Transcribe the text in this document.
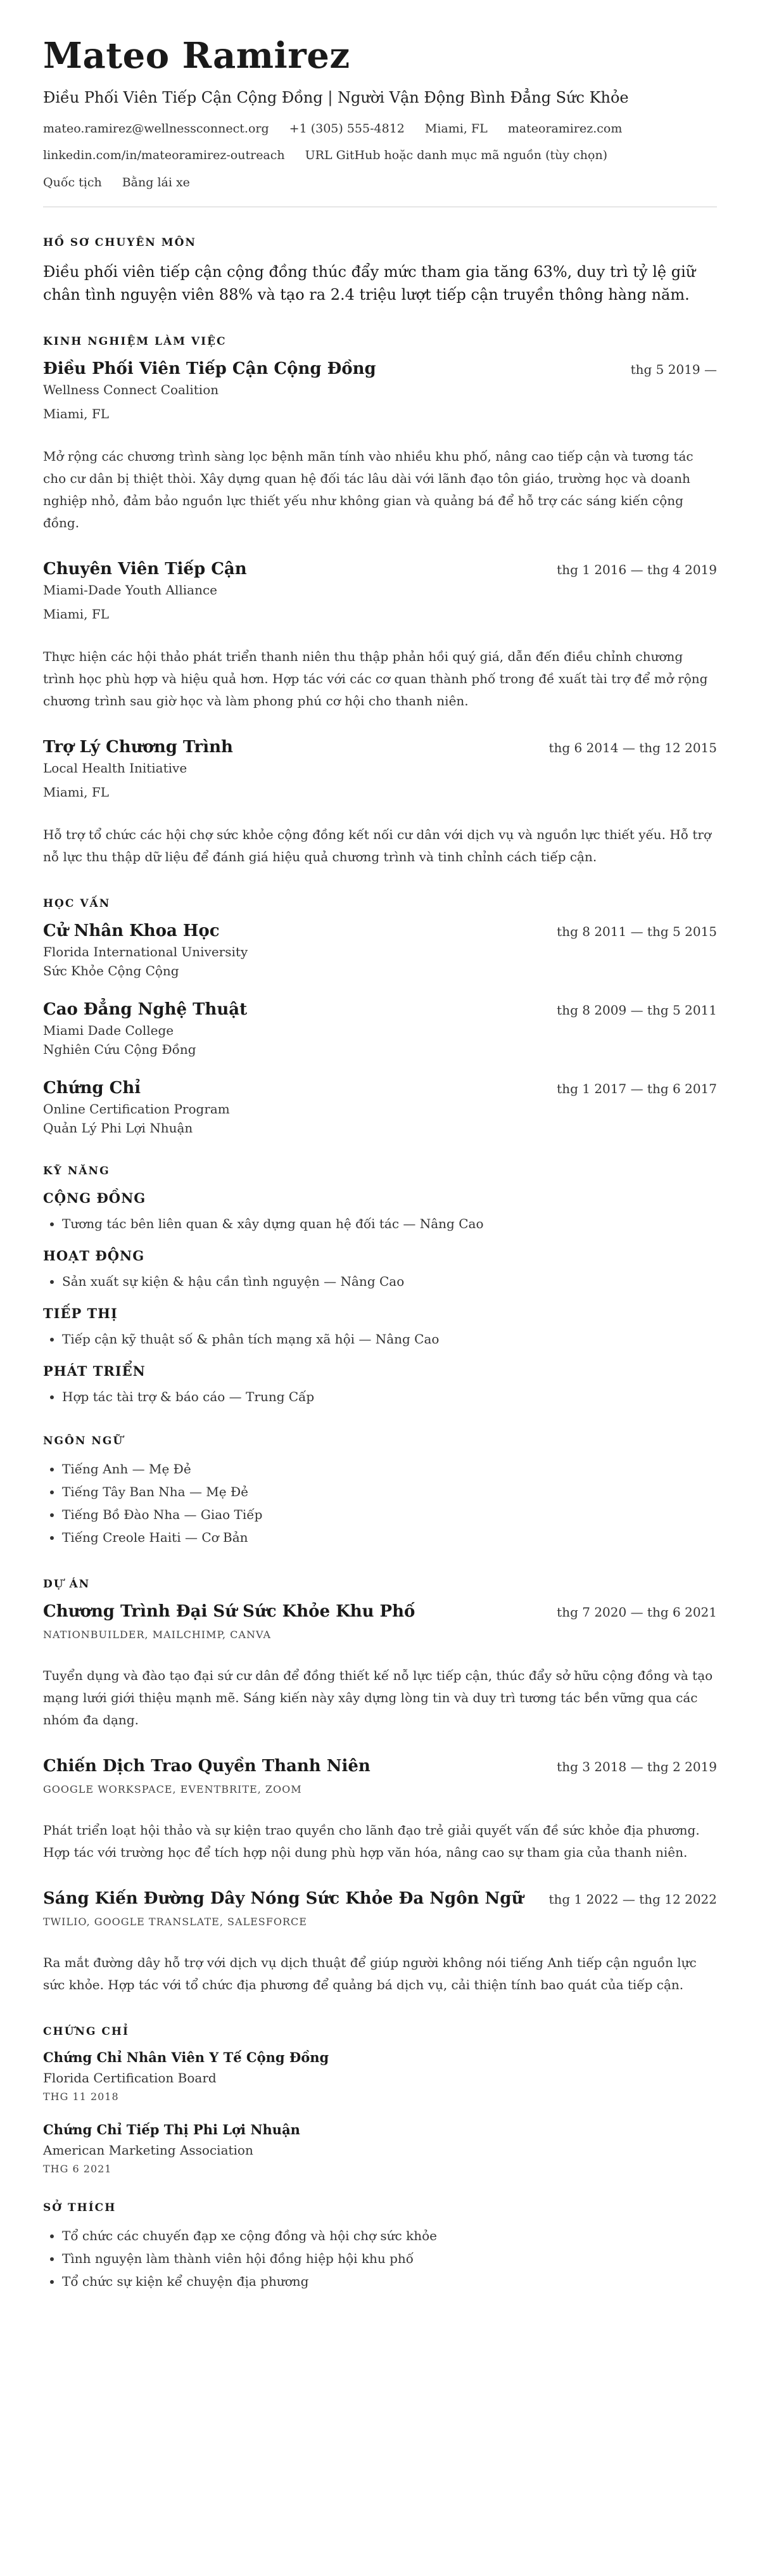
Mateo Ramirez
Điều Phối Viên Tiếp Cận Cộng Đồng | Người Vận Động Bình Đẳng Sức Khỏe
mateo.ramirez@wellnessconnect.org +1 (305) 555-4812 Miami, FL mateoramirez.com
linkedin.com/in/mateoramirez-outreach URL GitHub hoặc danh mục mã nguồn (tùy chọn)
Quốc tịch Bằng lái xe
HỒ SƠ CHUYÊN MÔN
Điều phối viên tiếp cận cộng đồng thúc đẩy mức tham gia tăng 63%, duy trì tỷ lệ giữ chân tình nguyện viên 88% và tạo ra 2.4 triệu lượt tiếp cận truyền thông hàng năm.
KINH NGHIỆM LÀM VIỆC
Điều Phối Viên Tiếp Cận Cộng Đồng	thg 5 2019 —
Wellness Connect Coalition
Miami, FL
Mở rộng các chương trình sàng lọc bệnh mãn tính vào nhiều khu phố, nâng cao tiếp cận và tương tác cho cư dân bị thiệt thòi. Xây dựng quan hệ đối tác lâu dài với lãnh đạo tôn giáo, trường học và doanh nghiệp nhỏ, đảm bảo nguồn lực thiết yếu như không gian và quảng bá để hỗ trợ các sáng kiến cộng đồng.
Chuyên Viên Tiếp Cận	thg 1 2016 — thg 4 2019
Miami-Dade Youth Alliance
Miami, FL
Thực hiện các hội thảo phát triển thanh niên thu thập phản hồi quý giá, dẫn đến điều chỉnh chương trình học phù hợp và hiệu quả hơn. Hợp tác với các cơ quan thành phố trong đề xuất tài trợ để mở rộng chương trình sau giờ học và làm phong phú cơ hội cho thanh niên.
Trợ Lý Chương Trình	thg 6 2014 — thg 12 2015
Local Health Initiative
Miami, FL
Hỗ trợ tổ chức các hội chợ sức khỏe cộng đồng kết nối cư dân với dịch vụ và nguồn lực thiết yếu. Hỗ trợ nỗ lực thu thập dữ liệu để đánh giá hiệu quả chương trình và tinh chỉnh cách tiếp cận.
HỌC VẤN
Cử Nhân Khoa Học	thg 8 2011 — thg 5 2015
Florida International University
Sức Khỏe Cộng Cộng
Cao Đẳng Nghệ Thuật	thg 8 2009 — thg 5 2011
Miami Dade College
Nghiên Cứu Cộng Đồng
Chứng Chỉ	thg 1 2017 — thg 6 2017
Online Certification Program
Quản Lý Phi Lợi Nhuận
KỸ NĂNG
CỘNG ĐỒNG
• Tương tác bên liên quan & xây dựng quan hệ đối tác — Nâng Cao
HOẠT ĐỘNG
• Sản xuất sự kiện & hậu cần tình nguyện — Nâng Cao
TIẾP THỊ
• Tiếp cận kỹ thuật số & phân tích mạng xã hội — Nâng Cao
PHÁT TRIỂN
• Hợp tác tài trợ & báo cáo — Trung Cấp
NGÔN NGỮ
• Tiếng Anh — Mẹ Đẻ
• Tiếng Tây Ban Nha — Mẹ Đẻ
• Tiếng Bồ Đào Nha — Giao Tiếp
• Tiếng Creole Haiti — Cơ Bản
DỰ ÁN
Chương Trình Đại Sứ Sức Khỏe Khu Phố	thg 7 2020 — thg 6 2021
NATIONBUILDER, MAILCHIMP, CANVA
Tuyển dụng và đào tạo đại sứ cư dân để đồng thiết kế nỗ lực tiếp cận, thúc đẩy sở hữu cộng đồng và tạo mạng lưới giới thiệu mạnh mẽ. Sáng kiến này xây dựng lòng tin và duy trì tương tác bền vững qua các nhóm đa dạng.
Chiến Dịch Trao Quyền Thanh Niên	thg 3 2018 — thg 2 2019
GOOGLE WORKSPACE, EVENTBRITE, ZOOM
Phát triển loạt hội thảo và sự kiện trao quyền cho lãnh đạo trẻ giải quyết vấn đề sức khỏe địa phương. Hợp tác với trường học để tích hợp nội dung phù hợp văn hóa, nâng cao sự tham gia của thanh niên.
Sáng Kiến Đường Dây Nóng Sức Khỏe Đa Ngôn Ngữ thg 1 2022 — thg 12 2022
TWILIO, GOOGLE TRANSLATE, SALESFORCE
Ra mắt đường dây hỗ trợ với dịch vụ dịch thuật để giúp người không nói tiếng Anh tiếp cận nguồn lực sức khỏe. Hợp tác với tổ chức địa phương để quảng bá dịch vụ, cải thiện tính bao quát của tiếp cận.
CHỨNG CHỈ
Chứng Chỉ Nhân Viên Y Tế Cộng Đồng
Florida Certification Board
THG 11 2018
Chứng Chỉ Tiếp Thị Phi Lợi Nhuận
American Marketing Association
THG 6 2021
SỞ THÍCH
• Tổ chức các chuyến đạp xe cộng đồng và hội chợ sức khỏe
• Tình nguyện làm thành viên hội đồng hiệp hội khu phố
• Tổ chức sự kiện kể chuyện địa phương
